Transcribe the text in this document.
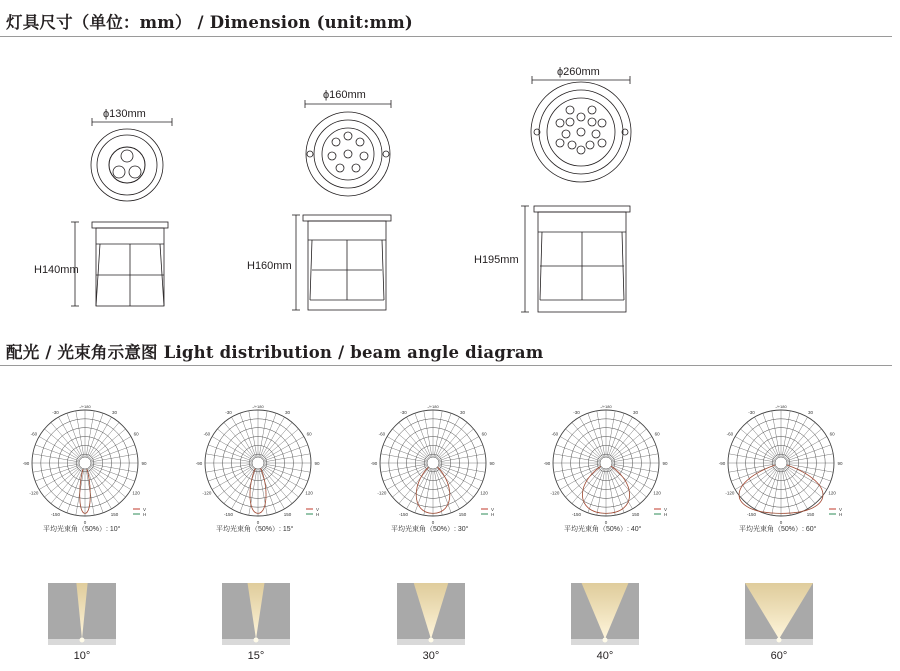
灯具尺寸（单位：mm） / Dimension (unit:mm)
ϕ130mm
H140mm
ϕ160mm
H160mm
ϕ260mm
H195mm
配光 / 光束角示意图 Light distribution / beam angle diagram
-150	150
-120	120
-90	90
-60	60
-30	30
0
-/+180
V
H
平均光束角（50%）: 10°
-150	150
-120	120
-90	90
-60	60
-30	30
0
-/+180
V
H
平均光束角（50%）: 15°
-150	150
-120	120
-90	90
-60	60
-30	30
0
-/+180
V
H
平均光束角（50%）: 30°
-150	150
-120	120
-90	90
-60	60
-30	30
0
-/+180
V
H
平均光束角（50%）: 40°
-150	150
-120	120
-90	90
-60	60
-30	30
0
-/+180
V
H
平均光束角（50%）: 60°
10°	15°	30°	40°	60°
